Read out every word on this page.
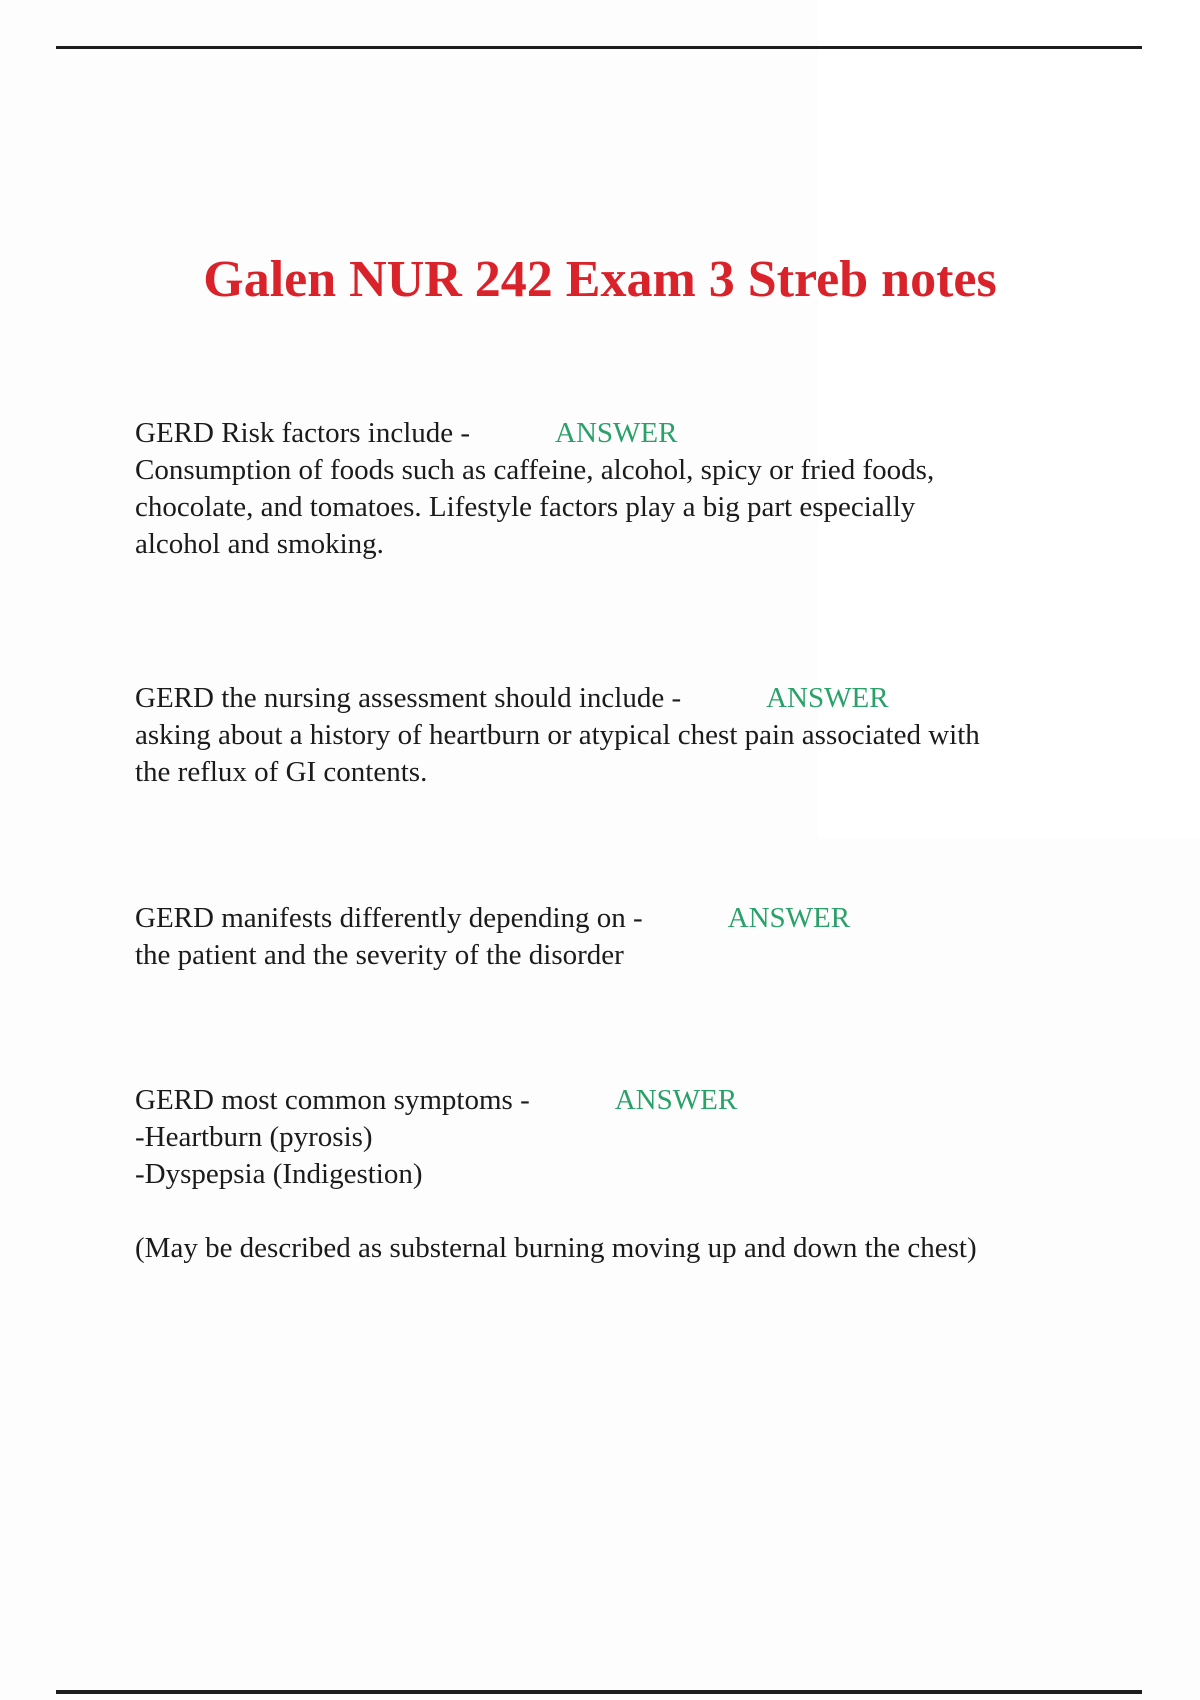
Galen NUR 242 Exam 3 Streb notes
GERD Risk factors include -	ANSWER
Consumption of foods such as caffeine, alcohol, spicy or fried foods,
chocolate, and tomatoes. Lifestyle factors play a big part especially
alcohol and smoking.
GERD the nursing assessment should include -	ANSWER
asking about a history of heartburn or atypical chest pain associated with
the reflux of GI contents.
GERD manifests differently depending on -	ANSWER
the patient and the severity of the disorder
GERD most common symptoms -	ANSWER
-Heartburn (pyrosis)
-Dyspepsia (Indigestion)
(May be described as substernal burning moving up and down the chest)
